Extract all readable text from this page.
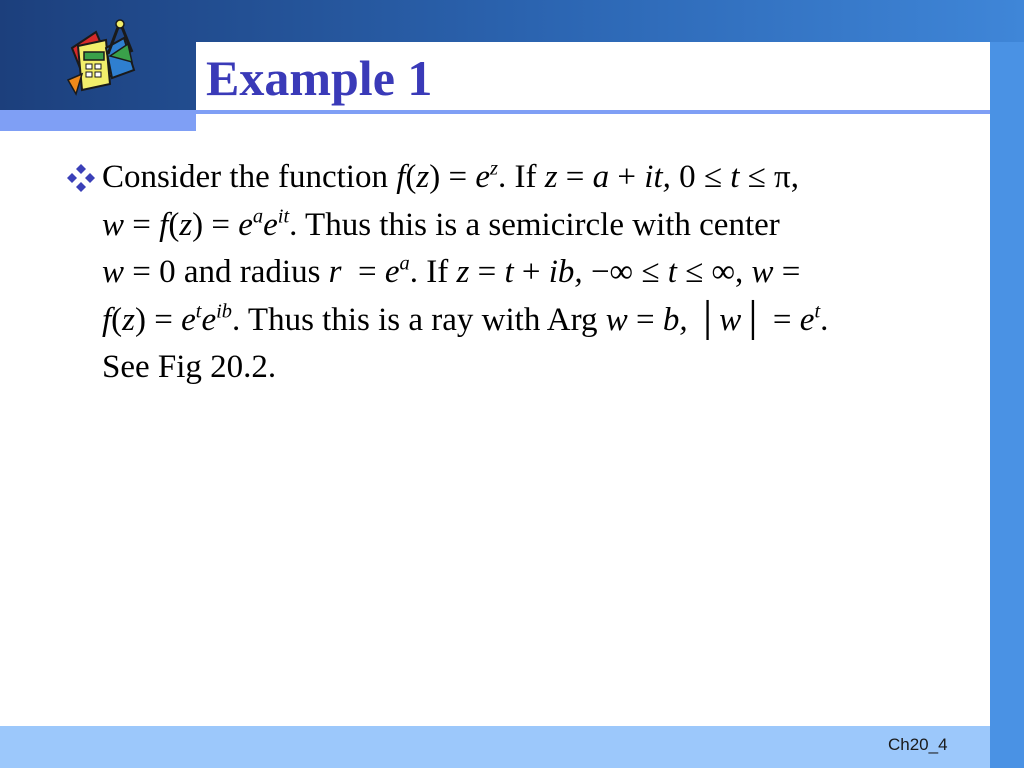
Example 1
Consider the function $f(z) = e^z$. If z = a + it, 0 ≤ t ≤ π,
$w = f(z) = e^ae^{it}$. Thus this is a semicircle with center
w = 0 and radius $r = e^a$. If z = t + ib, −∞ ≤ t ≤ ∞, w =
$f(z) = e^te^{ib}$. Thus this is a ray with Arg w = b, │w│ = $e^t$.
See Fig 20.2.

Ch20_4
